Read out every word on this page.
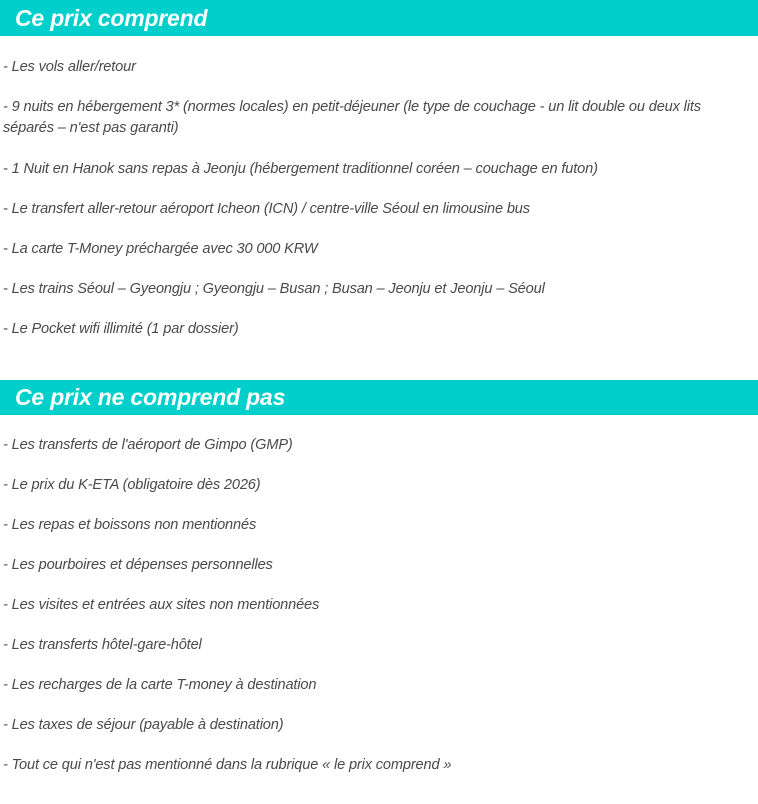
Ce prix comprend
- Les vols aller/retour
- 9 nuits en hébergement 3* (normes locales) en petit-déjeuner (le type de couchage - un lit double ou deux lits séparés – n'est pas garanti)
- 1 Nuit en Hanok sans repas à Jeonju (hébergement traditionnel coréen – couchage en futon)
- Le transfert aller-retour aéroport Icheon (ICN) / centre-ville Séoul en limousine bus
- La carte T-Money préchargée avec 30 000 KRW
- Les trains Séoul – Gyeongju ; Gyeongju – Busan ; Busan – Jeonju et Jeonju – Séoul
- Le Pocket wifi illimité (1 par dossier)
Ce prix ne comprend pas
- Les transferts de l'aéroport de Gimpo (GMP)
- Le prix du K-ETA (obligatoire dès 2026)
- Les repas et boissons non mentionnés
- Les pourboires et dépenses personnelles
- Les visites et entrées aux sites non mentionnées
- Les transferts hôtel-gare-hôtel
- Les recharges de la carte T-money à destination
- Les taxes de séjour (payable à destination)
- Tout ce qui n'est pas mentionné dans la rubrique « le prix comprend »
